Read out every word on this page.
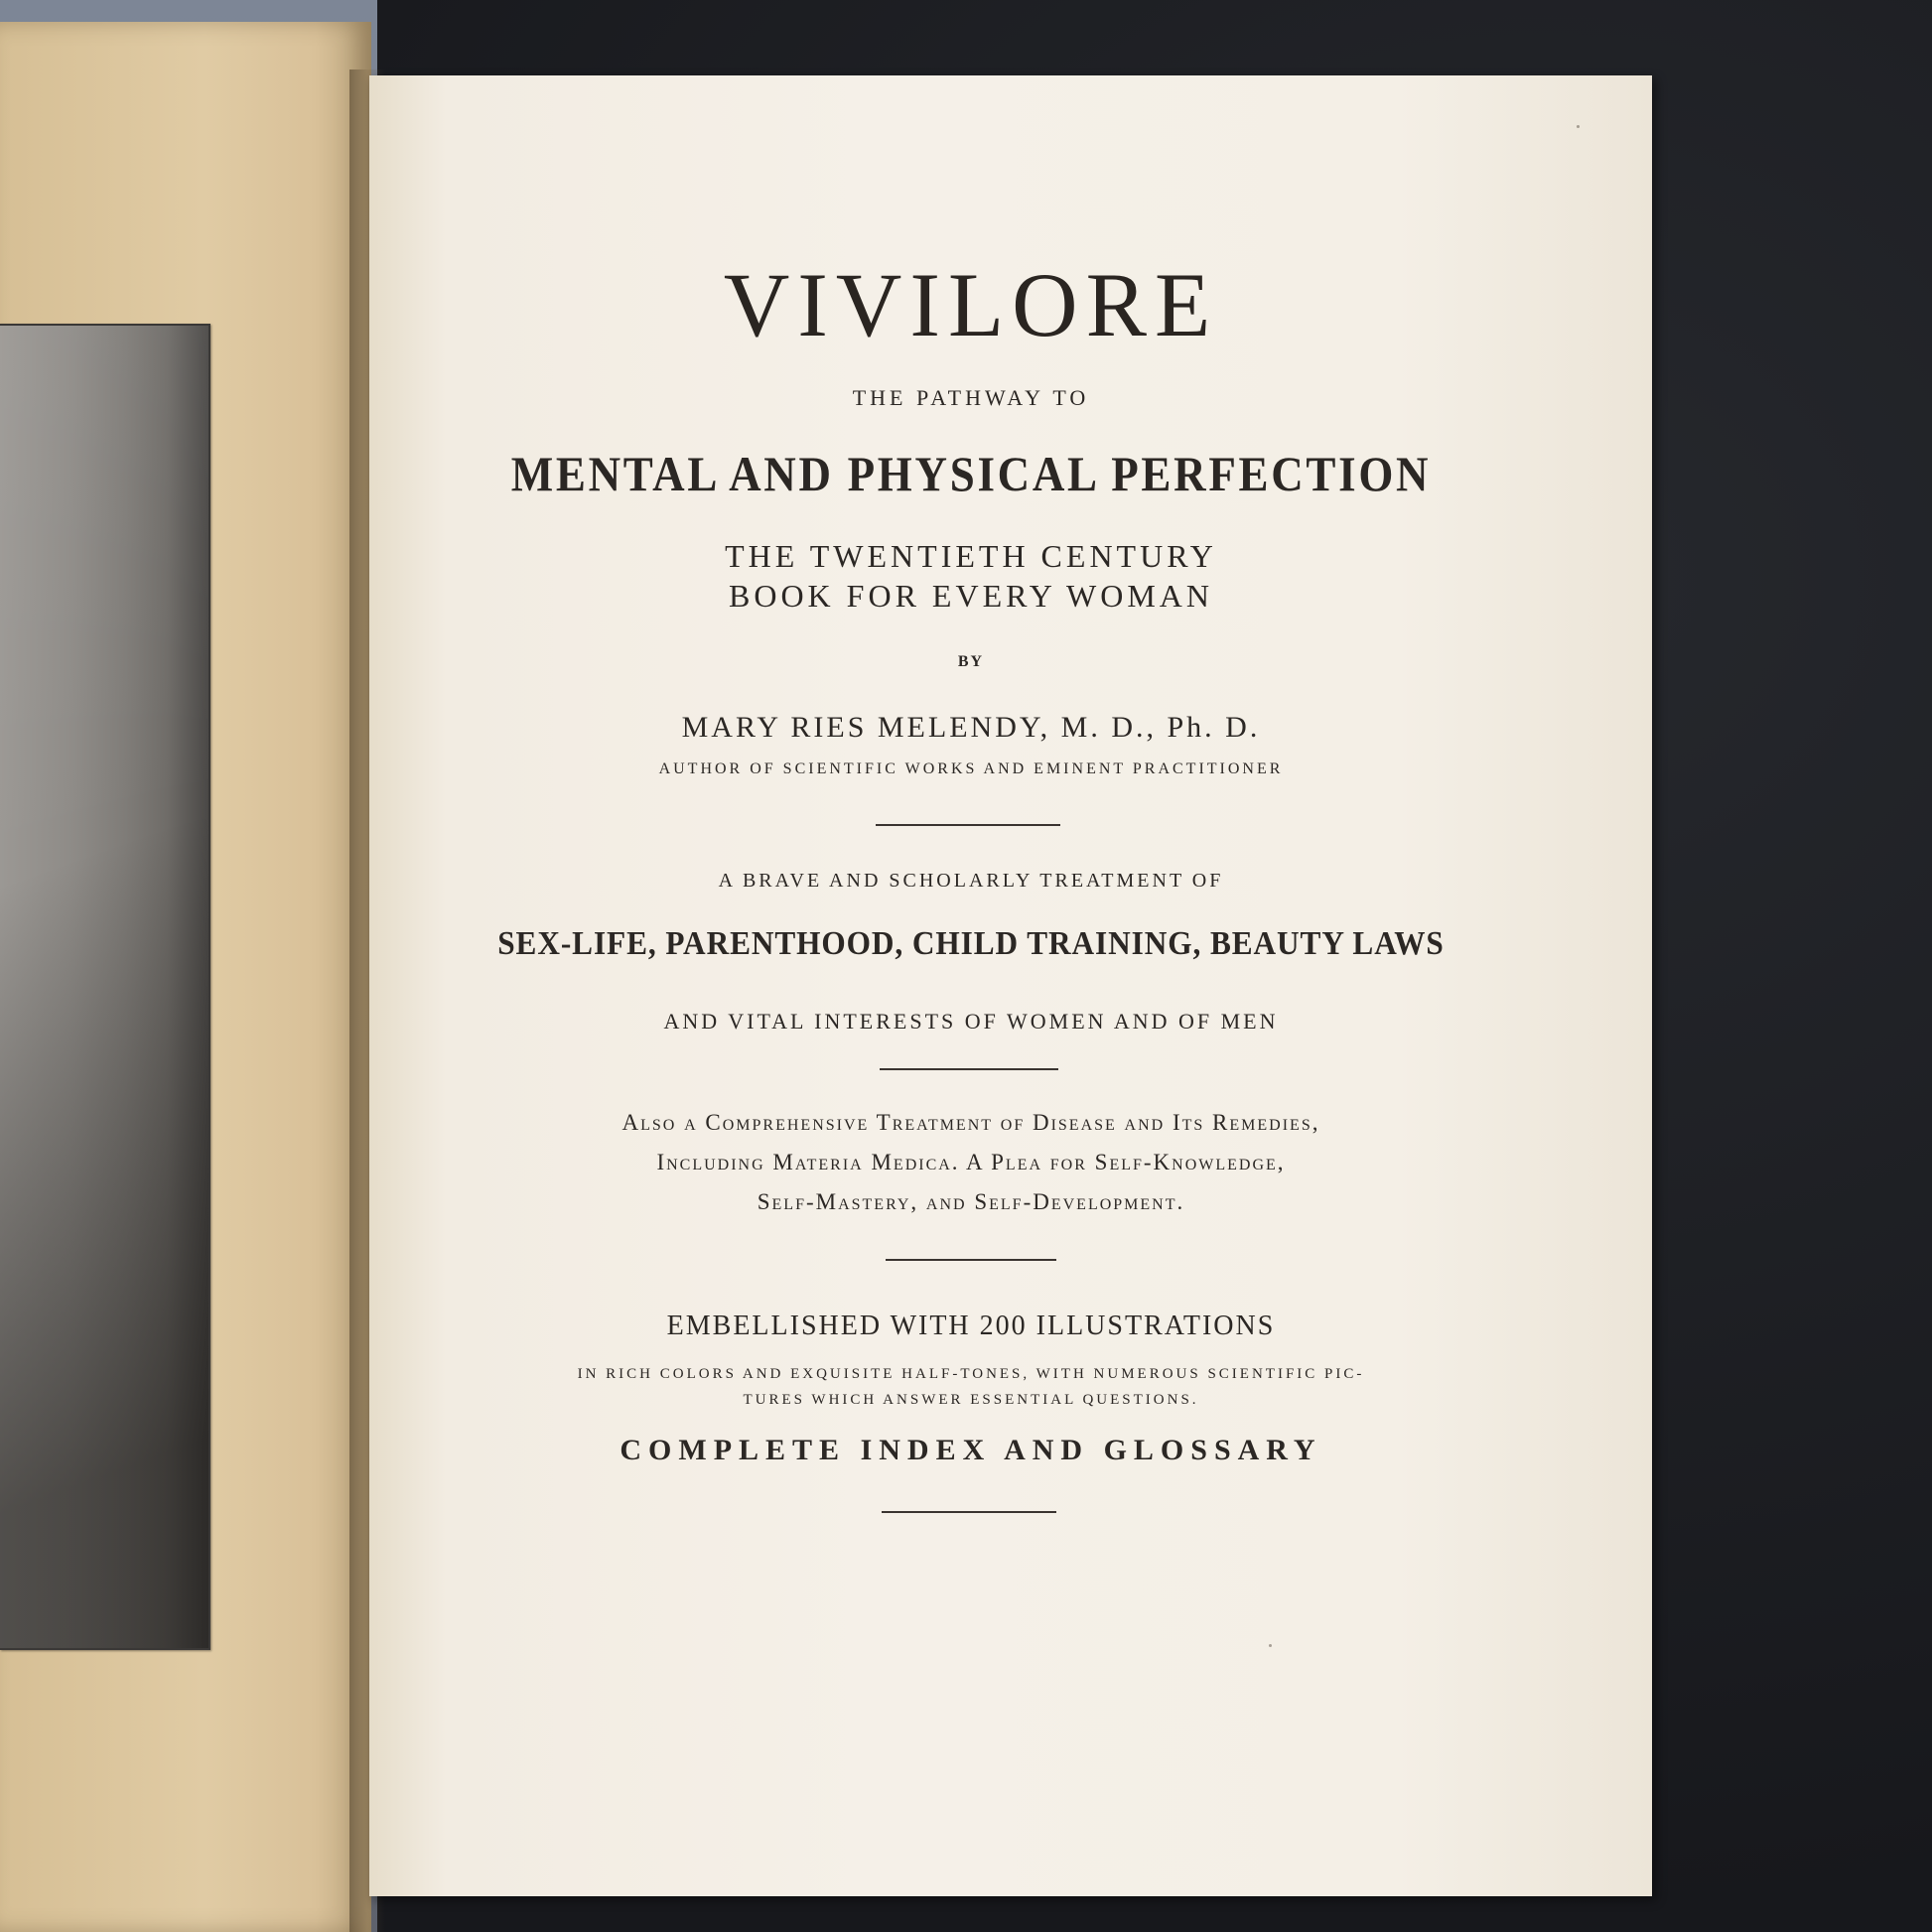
VIVILORE
THE PATHWAY TO
MENTAL AND PHYSICAL PERFECTION
THE TWENTIETH CENTURY
BOOK FOR EVERY WOMAN
BY
MARY RIES MELENDY, M. D., Ph. D.
AUTHOR OF SCIENTIFIC WORKS AND EMINENT PRACTITIONER
A BRAVE AND SCHOLARLY TREATMENT OF
SEX-LIFE, PARENTHOOD, CHILD TRAINING, BEAUTY LAWS
AND VITAL INTERESTS OF WOMEN AND OF MEN
Also a Comprehensive Treatment of Disease and Its Remedies,
Including Materia Medica. A Plea for Self-Knowledge,
Self-Mastery, and Self-Development.
EMBELLISHED WITH 200 ILLUSTRATIONS
IN RICH COLORS AND EXQUISITE HALF-TONES, WITH NUMEROUS SCIENTIFIC PIC-
TURES WHICH ANSWER ESSENTIAL QUESTIONS.
COMPLETE INDEX AND GLOSSARY
